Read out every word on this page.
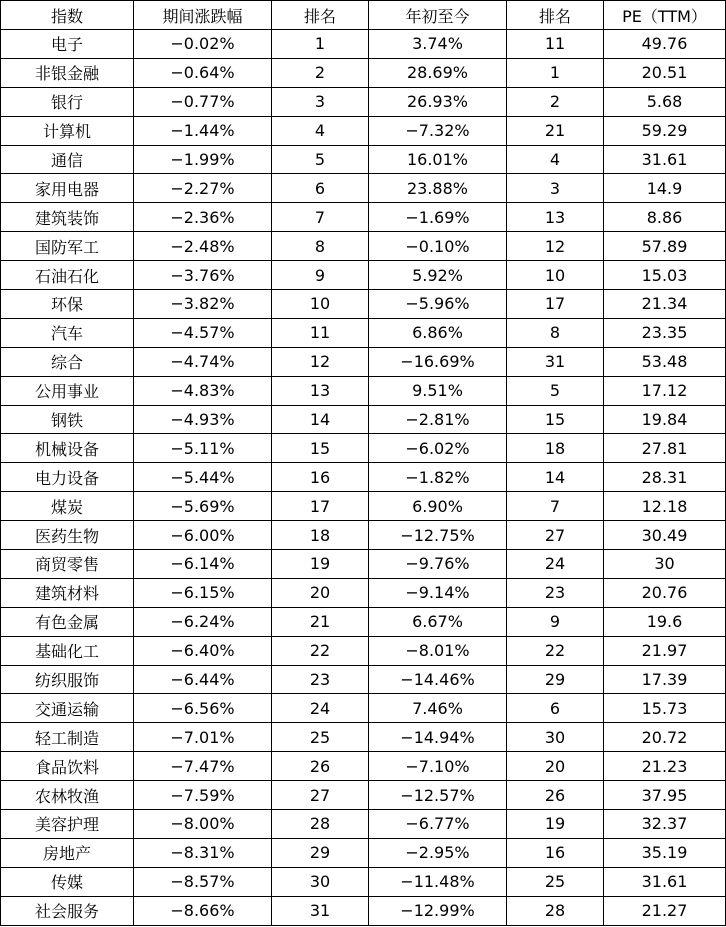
指数	期间涨跌幅	排名	年初至今	排名	PE（TTM）
电子	−0.02%	1	3.74%	11	49.76
非银金融	−0.64%	2	28.69%	1	20.51
银行	−0.77%	3	26.93%	2	5.68
计算机	−1.44%	4	−7.32%	21	59.29
通信	−1.99%	5	16.01%	4	31.61
家用电器	−2.27%	6	23.88%	3	14.9
建筑装饰	−2.36%	7	−1.69%	13	8.86
国防军工	−2.48%	8	−0.10%	12	57.89
石油石化	−3.76%	9	5.92%	10	15.03
环保	−3.82%	10	−5.96%	17	21.34
汽车	−4.57%	11	6.86%	8	23.35
综合	−4.74%	12	−16.69%	31	53.48
公用事业	−4.83%	13	9.51%	5	17.12
钢铁	−4.93%	14	−2.81%	15	19.84
机械设备	−5.11%	15	−6.02%	18	27.81
电力设备	−5.44%	16	−1.82%	14	28.31
煤炭	−5.69%	17	6.90%	7	12.18
医药生物	−6.00%	18	−12.75%	27	30.49
商贸零售	−6.14%	19	−9.76%	24	30
建筑材料	−6.15%	20	−9.14%	23	20.76
有色金属	−6.24%	21	6.67%	9	19.6
基础化工	−6.40%	22	−8.01%	22	21.97
纺织服饰	−6.44%	23	−14.46%	29	17.39
交通运输	−6.56%	24	7.46%	6	15.73
轻工制造	−7.01%	25	−14.94%	30	20.72
食品饮料	−7.47%	26	−7.10%	20	21.23
农林牧渔	−7.59%	27	−12.57%	26	37.95
美容护理	−8.00%	28	−6.77%	19	32.37
房地产	−8.31%	29	−2.95%	16	35.19
传媒	−8.57%	30	−11.48%	25	31.61
社会服务	−8.66%	31	−12.99%	28	21.27
